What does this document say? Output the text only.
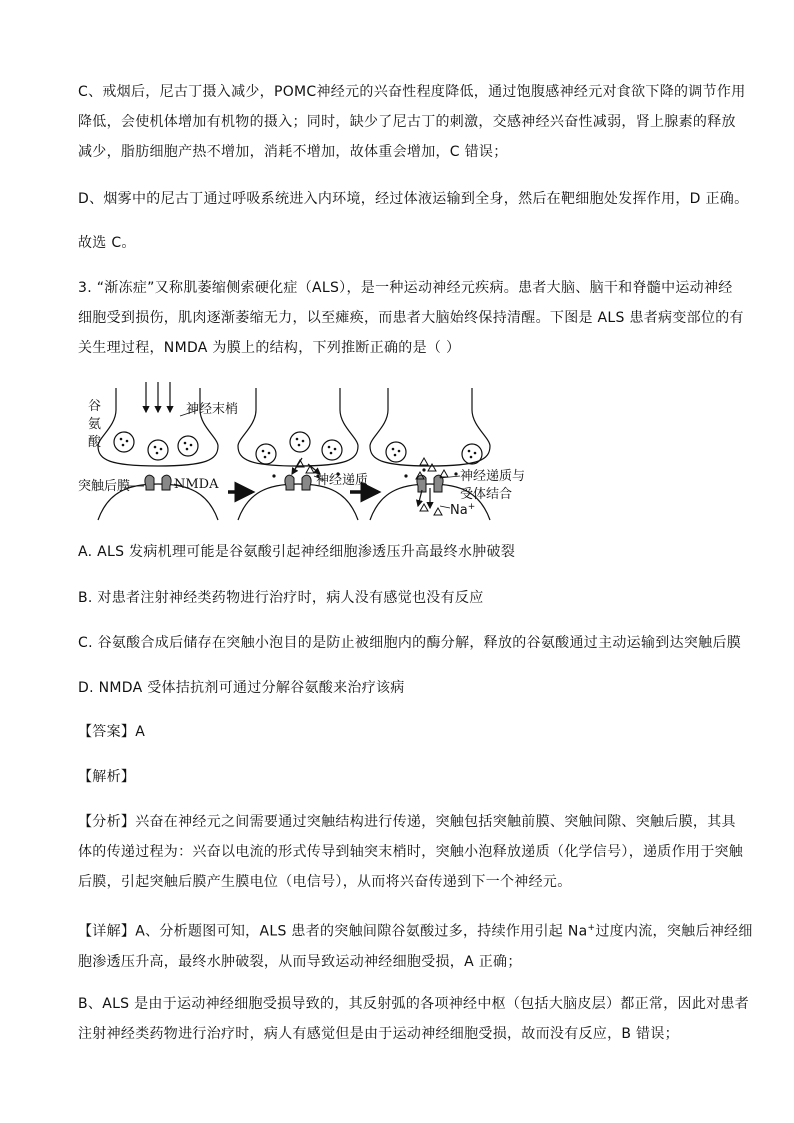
C、戒烟后，尼古丁摄入减少，POMC神经元的兴奋性程度降低，通过饱腹感神经元对食欲下降的调节作用
降低，会使机体增加有机物的摄入；同时，缺少了尼古丁的刺激，交感神经兴奋性减弱，肾上腺素的释放
减少，脂肪细胞产热不增加，消耗不增加，故体重会增加，C 错误；

D、烟雾中的尼古丁通过呼吸系统进入内环境，经过体液运输到全身，然后在靶细胞处发挥作用，D 正确。

故选 C。

3. “渐冻症”又称肌萎缩侧索硬化症（ALS），是一种运动神经元疾病。患者大脑、脑干和脊髓中运动神经
细胞受到损伤，肌肉逐渐萎缩无力，以至瘫痪，而患者大脑始终保持清醒。下图是 ALS 患者病变部位的有
关生理过程，NMDA 为膜上的结构，下列推断正确的是（ ）

谷
氨
酸
神经末梢
突触后膜	NMDA	神经递质	神经递质与
受体结合
Na+

A. ALS 发病机理可能是谷氨酸引起神经细胞渗透压升高最终水肿破裂

B. 对患者注射神经类药物进行治疗时，病人没有感觉也没有反应

C. 谷氨酸合成后储存在突触小泡目的是防止被细胞内的酶分解，释放的谷氨酸通过主动运输到达突触后膜

D. NMDA 受体拮抗剂可通过分解谷氨酸来治疗该病

【答案】A

【解析】

【分析】兴奋在神经元之间需要通过突触结构进行传递，突触包括突触前膜、突触间隙、突触后膜，其具
体的传递过程为：兴奋以电流的形式传导到轴突末梢时，突触小泡释放递质（化学信号），递质作用于突触
后膜，引起突触后膜产生膜电位（电信号），从而将兴奋传递到下一个神经元。

【详解】A、分析题图可知，ALS 患者的突触间隙谷氨酸过多，持续作用引起 Na+过度内流，突触后神经细
胞渗透压升高，最终水肿破裂，从而导致运动神经细胞受损，A 正确；

B、ALS 是由于运动神经细胞受损导致的，其反射弧的各项神经中枢（包括大脑皮层）都正常，因此对患者
注射神经类药物进行治疗时，病人有感觉但是由于运动神经细胞受损，故而没有反应，B 错误；
